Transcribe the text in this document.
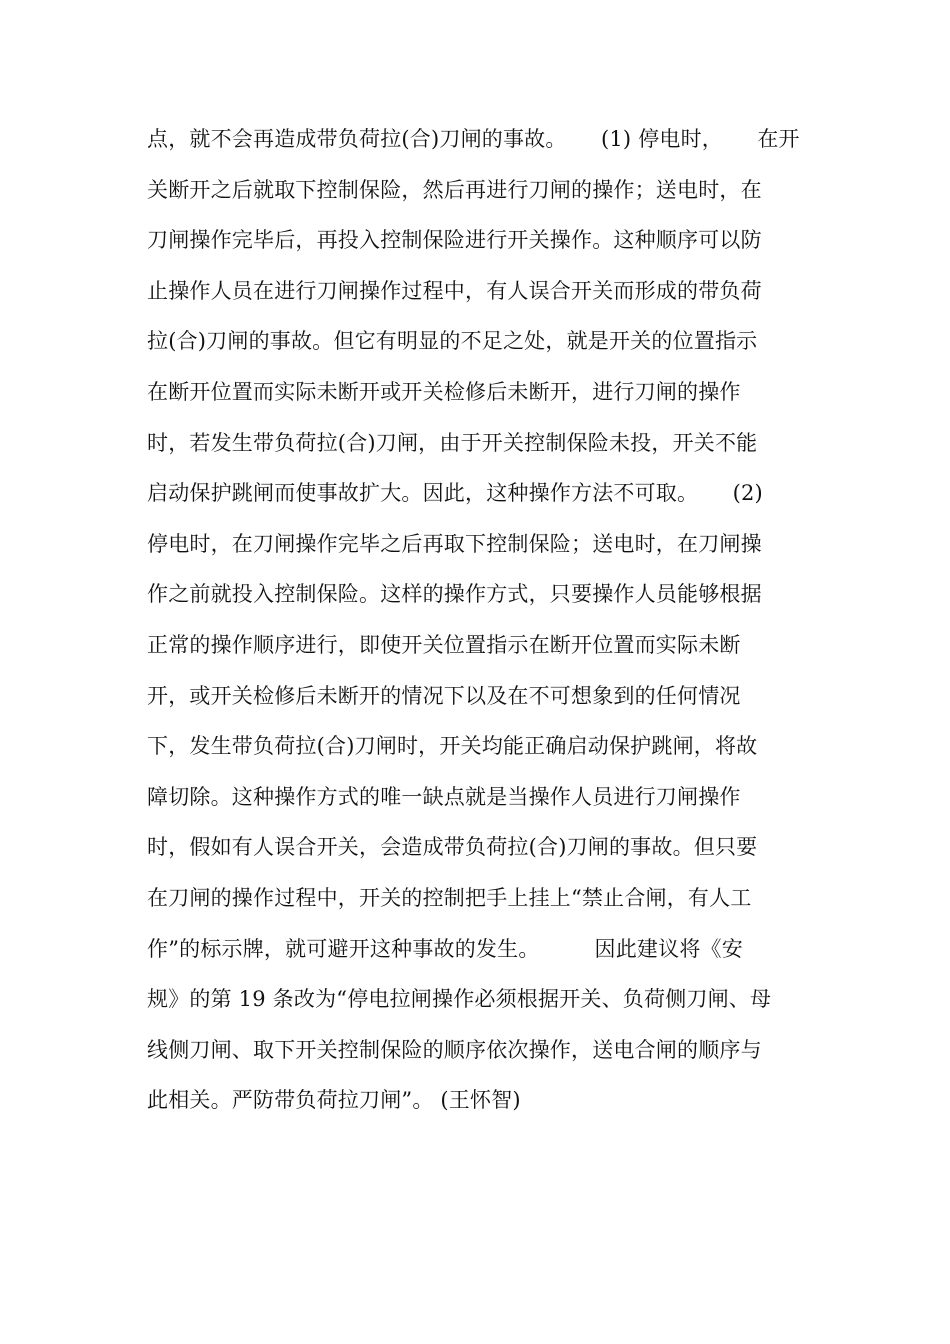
点，就不会再造成带负荷拉(合)刀闸的事故。     (1) 停电时，     在开
关断开之后就取下控制保险，然后再进行刀闸的操作；送电时，在
刀闸操作完毕后，再投入控制保险进行开关操作。这种顺序可以防
止操作人员在进行刀闸操作过程中，有人误合开关而形成的带负荷
拉(合)刀闸的事故。但它有明显的不足之处，就是开关的位置指示
在断开位置而实际未断开或开关检修后未断开，进行刀闸的操作
时，若发生带负荷拉(合)刀闸，由于开关控制保险未投，开关不能
启动保护跳闸而使事故扩大。因此，这种操作方法不可取。     (2)
停电时，在刀闸操作完毕之后再取下控制保险；送电时，在刀闸操
作之前就投入控制保险。这样的操作方式，只要操作人员能够根据
正常的操作顺序进行，即使开关位置指示在断开位置而实际未断
开，或开关检修后未断开的情况下以及在不可想象到的任何情况
下，发生带负荷拉(合)刀闸时，开关均能正确启动保护跳闸，将故
障切除。这种操作方式的唯一缺点就是当操作人员进行刀闸操作
时，假如有人误合开关，会造成带负荷拉(合)刀闸的事故。但只要
在刀闸的操作过程中，开关的控制把手上挂上“禁止合闸，有人工
作”的标示牌，就可避开这种事故的发生。        因此建议将《安
规》的第 19 条改为“停电拉闸操作必须根据开关、负荷侧刀闸、母
线侧刀闸、取下开关控制保险的顺序依次操作，送电合闸的顺序与
此相关。严防带负荷拉刀闸”。 (王怀智)
